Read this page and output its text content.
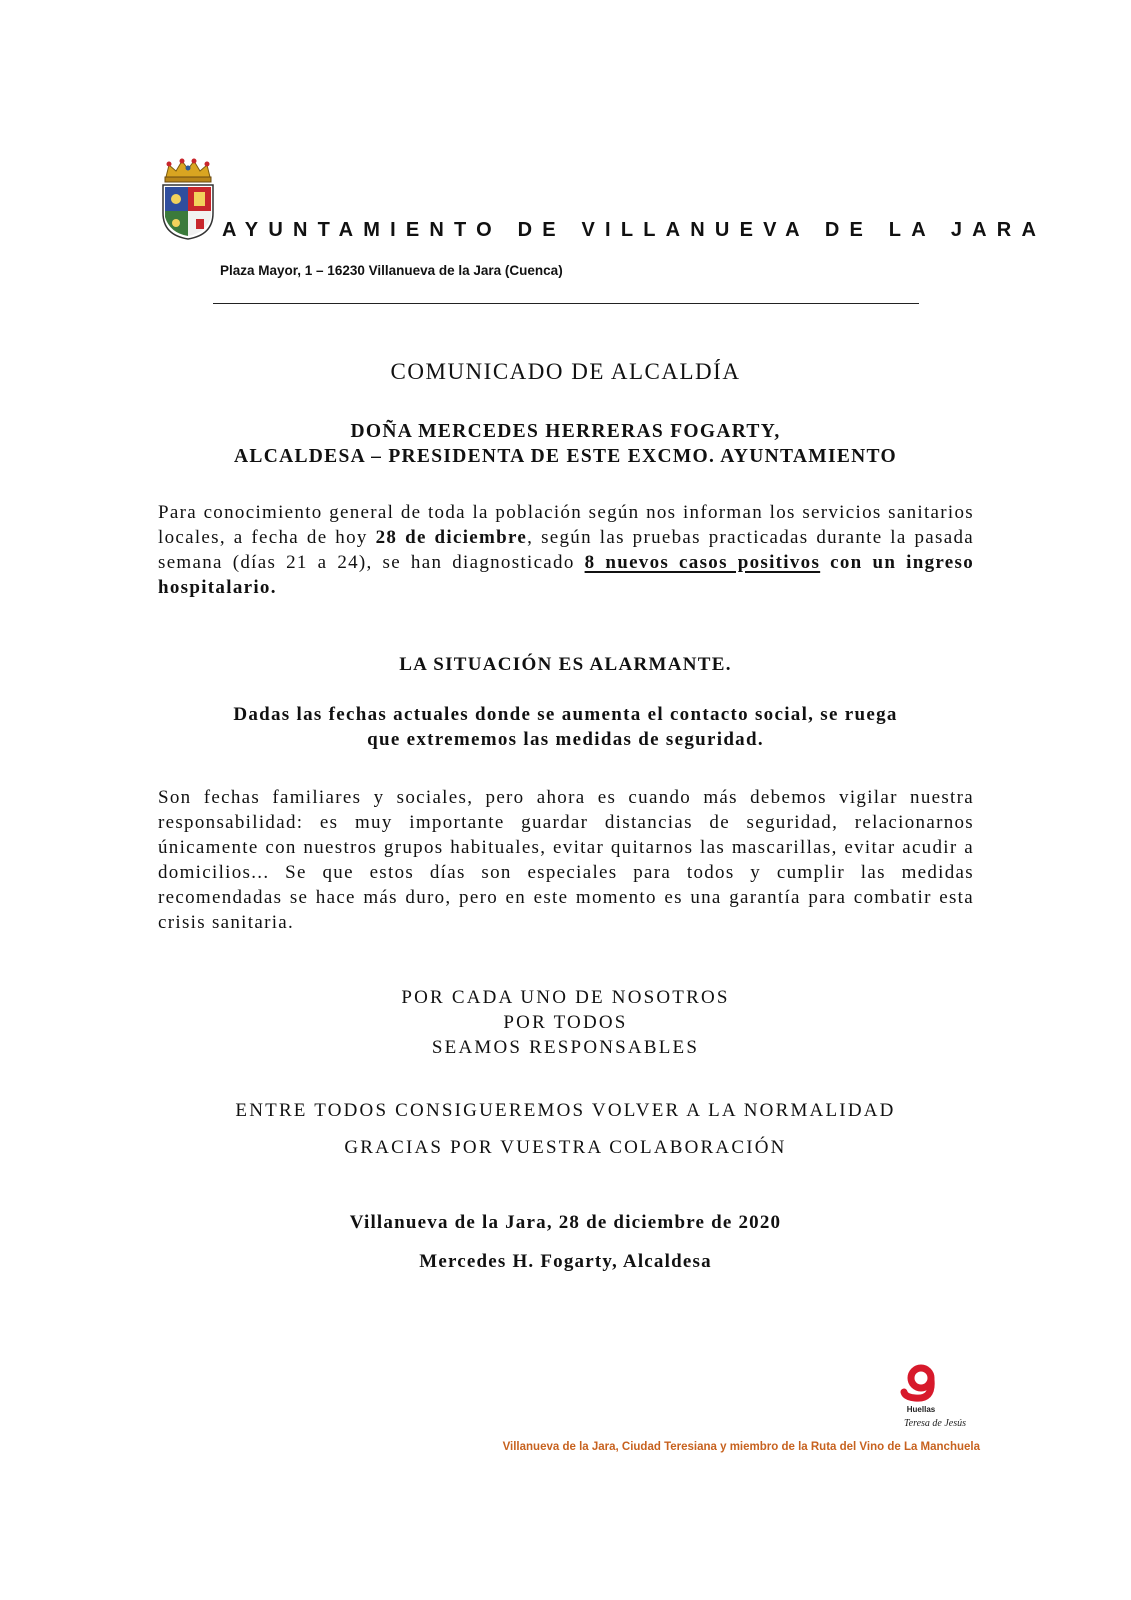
AYUNTAMIENTO DE VILLANUEVA DE LA JARA
Plaza Mayor, 1 – 16230 Villanueva de la Jara (Cuenca)
COMUNICADO DE ALCALDÍA
DOÑA MERCEDES HERRERAS FOGARTY,
ALCALDESA – PRESIDENTA DE ESTE EXCMO. AYUNTAMIENTO
Para conocimiento general de toda la población según nos informan los servicios sanitarios locales, a fecha de hoy 28 de diciembre, según las pruebas practicadas durante la pasada semana (días 21 a 24), se han diagnosticado 8 nuevos casos positivos con un ingreso hospitalario.
LA SITUACIÓN ES ALARMANTE.
Dadas las fechas actuales donde se aumenta el contacto social, se ruega
que extrememos las medidas de seguridad.
Son fechas familiares y sociales, pero ahora es cuando más debemos vigilar nuestra responsabilidad: es muy importante guardar distancias de seguridad, relacionarnos únicamente con nuestros grupos habituales, evitar quitarnos las mascarillas, evitar acudir a domicilios... Se que estos días son especiales para todos y cumplir las medidas recomendadas se hace más duro, pero en este momento es una garantía para combatir esta crisis sanitaria.
POR CADA UNO DE NOSOTROS
POR TODOS
SEAMOS RESPONSABLES
ENTRE TODOS CONSIGUEREMOS VOLVER A LA NORMALIDAD
GRACIAS POR VUESTRA COLABORACIÓN
Villanueva de la Jara, 28 de diciembre de 2020
Mercedes H. Fogarty, Alcaldesa
Huellas
Teresa de Jesús
Villanueva de la Jara, Ciudad Teresiana y miembro de la Ruta del Vino de La Manchuela
